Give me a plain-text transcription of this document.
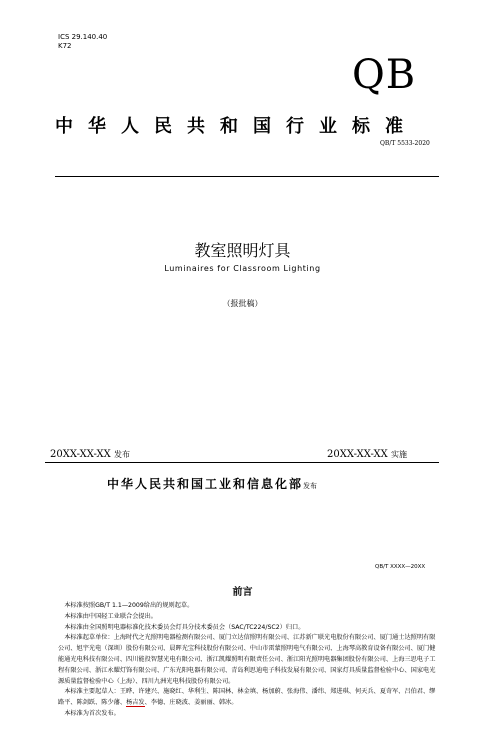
ICS 29.140.40
K72
QB
中华人民共和国行业标准
QB/T 5533-2020
教室照明灯具
Luminaires for Classroom Lighting
（报批稿）
20XX-XX-XX 发布	20XX-XX-XX 实施
中华人民共和国工业和信息化部发布
QB/T XXXX—20XX
前言

本标准按照GB/T 1.1—2009给出的规则起草。

本标准由中国轻工业联合会提出。

本标准由全国照明电器标准化技术委员会灯具分技术委员会（SAC/TC224/SC2）归口。

本标准起草单位：上海时代之光照明电器检测有限公司、厦门立达信照明有限公司、江苏新广联光电股份有限公司、厦门通士达照明有限公司、旭宇光电（深圳）股份有限公司、晨晖光宝科技股份有限公司、中山市雷蒙照明电气有限公司、上海琴高教育设备有限公司、厦门健能通光电科技有限公司、四川能投智慧光电有限公司、浙江凯耀照明有限责任公司、浙江阳光照明电器集团股份有限公司、上海三思电子工程有限公司、浙江永耀灯饰有限公司、广东光阳电器有限公司、青岛利思迪电子科技发展有限公司、国家灯具质量监督检验中心、国家电光源质量监督检验中心（上海）、四川九洲光电科技股份有限公司。

本标准主要起草人：王晔、许建兴、施晓红、华利生、陈国林、林金填、杨加蔚、张海伟、潘纬、郑进琪、何天兵、夏奇军、吕伯君、缪路平、陈剑跃、陈少藩、杨吉发、李德、庄晓波、姜丽丽、韩冰。

本标准为首次发布。
